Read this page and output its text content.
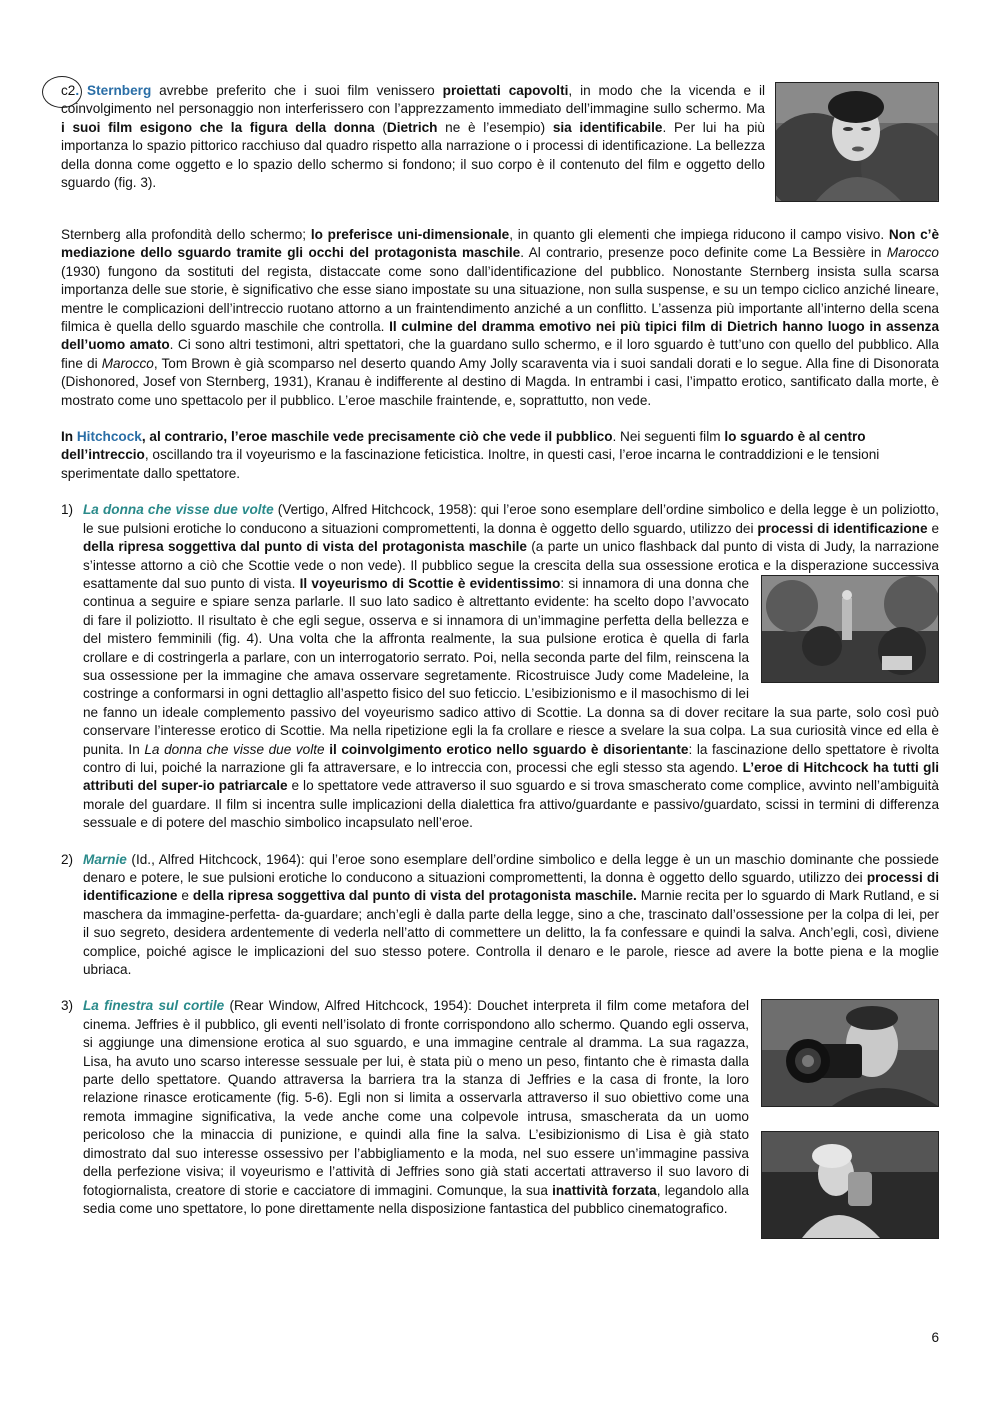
c2. Sternberg avrebbe preferito che i suoi film venissero proiettati capovolti, in modo che la vicenda e il coinvolgimento nel personaggio non interferissero con l’apprezzamento immediato dell’immagine sullo schermo. Ma i suoi film esigono che la figura della donna (Dietrich ne è l’esempio) sia identificabile. Per lui ha più importanza lo spazio pittorico racchiuso dal quadro rispetto alla narrazione o i processi di identificazione. La bellezza della donna come oggetto e lo spazio dello schermo si fondono; il suo corpo è il contenuto del film e oggetto dello sguardo (fig. 3).

Sternberg alla profondità dello schermo; lo preferisce uni-dimensionale, in quanto gli elementi che impiega riducono il campo visivo. Non c’è mediazione dello sguardo tramite gli occhi del protagonista maschile. Al contrario, presenze poco definite come La Bessière in Marocco (1930) fungono da sostituti del regista, distaccate come sono dall’identificazione del pubblico. Nonostante Sternberg insista sulla scarsa importanza delle sue storie, è significativo che esse siano impostate su una situazione, non sulla suspense, e su un tempo ciclico anziché lineare, mentre le complicazioni dell’intreccio ruotano attorno a un fraintendimento anziché a un conflitto. L’assenza più importante all’interno della scena filmica è quella dello sguardo maschile che controlla. Il culmine del dramma emotivo nei più tipici film di Dietrich hanno luogo in assenza dell’uomo amato. Ci sono altri testimoni, altri spettatori, che la guardano sullo schermo, e il loro sguardo è tutt’uno con quello del pubblico. Alla fine di Marocco, Tom Brown è già scomparso nel deserto quando Amy Jolly scaraventa via i suoi sandali dorati e lo segue. Alla fine di Disonorata (Dishonored, Josef von Sternberg, 1931), Kranau è indifferente al destino di Magda. In entrambi i casi, l’impatto erotico, santificato dalla morte, è mostrato come uno spettacolo per il pubblico. L’eroe maschile fraintende, e, soprattutto, non vede.

In Hitchcock, al contrario, l’eroe maschile vede precisamente ciò che vede il pubblico. Nei seguenti film lo sguardo è al centro dell’intreccio, oscillando tra il voyeurismo e la fascinazione feticistica. Inoltre, in questi casi, l’eroe incarna le contraddizioni e le tensioni sperimentate dallo spettatore.

1) La donna che visse due volte (Vertigo, Alfred Hitchcock, 1958): qui l’eroe sono esemplare dell’ordine simbolico e della legge è un poliziotto, le sue pulsioni erotiche lo conducono a situazioni compromettenti, la donna è oggetto dello sguardo, utilizzo dei processi di identificazione e della ripresa soggettiva dal punto di vista del protagonista maschile (a parte un unico flashback dal punto di vista di Judy, la narrazione s’intesse attorno a ciò che Scottie vede o non vede). Il pubblico segue la crescita della sua ossessione erotica e la disperazione successiva esattamente dal suo punto di vista.
Il voyeurismo di Scottie è evidentissimo: si innamora di una donna che continua a seguire e spiare senza parlarle. Il suo lato sadico è altrettanto evidente: ha scelto dopo l’avvocato di fare il poliziotto. Il risultato è che egli segue, osserva e si innamora di un’immagine perfetta della bellezza e del mistero femminili (fig. 4). Una volta che la affronta realmente, la sua pulsione erotica è quella di farla crollare e di costringerla a parlare, con un interrogatorio serrato. Poi, nella seconda parte del film, reinscena la sua ossessione per la immagine che amava osservare segretamente. Ricostruisce Judy come Madeleine, la costringe a conformarsi in ogni dettaglio all’aspetto fisico del suo feticcio. L’esibizionismo e il masochismo di lei ne fanno un ideale complemento passivo del voyeurismo sadico attivo di Scottie. La donna sa di dover recitare la sua parte, solo così può conservare l’interesse erotico di Scottie. Ma nella ripetizione egli la fa crollare e riesce a svelare la sua colpa. La sua curiosità vince ed ella è punita. In La donna che visse due volte il coinvolgimento erotico nello sguardo è disorientante: la fascinazione dello spettatore è rivolta contro di lui, poiché la narrazione gli fa attraversare, e lo intreccia con, processi che egli stesso sta agendo. L’eroe di Hitchcock ha tutti gli attributi del super-io patriarcale e lo spettatore vede attraverso il suo sguardo e si trova smascherato come complice, avvinto nell’ambiguità morale del guardare. Il film si incentra sulle implicazioni della dialettica fra attivo/guardante e passivo/guardato, scissi in termini di differenza sessuale e di potere del maschio simbolico incapsulato nell’eroe.

2) Marnie (Id., Alfred Hitchcock, 1964): qui l’eroe sono esemplare dell’ordine simbolico e della legge è un un maschio dominante che possiede denaro e potere, le sue pulsioni erotiche lo conducono a situazioni compromettenti, la donna è oggetto dello sguardo, utilizzo dei processi di identificazione e della ripresa soggettiva dal punto di vista del protagonista maschile. Marnie recita per lo sguardo di Mark Rutland, e si maschera da immagine-perfetta- da-guardare; anch’egli è dalla parte della legge, sino a che, trascinato dall’ossessione per la colpa di lei, per il suo segreto, desidera ardentemente di vederla nell’atto di commettere un delitto, la fa confessare e quindi la salva. Anch’egli, così, diviene complice, poiché agisce le implicazioni del suo stesso potere. Controlla il denaro e le parole, riesce ad avere la botte piena e la moglie ubriaca.

3) La finestra sul cortile (Rear Window, Alfred Hitchcock, 1954): Douchet interpreta il film come metafora del cinema. Jeffries è il pubblico, gli eventi nell’isolato di fronte corrispondono allo schermo. Quando egli osserva, si aggiunge una dimensione erotica al suo sguardo, e una immagine centrale al dramma. La sua ragazza, Lisa, ha avuto uno scarso interesse sessuale per lui, è stata più o meno un peso, fintanto che è rimasta dalla parte dello spettatore. Quando attraversa la barriera tra la stanza di Jeffries e la casa di fronte, la loro relazione rinasce eroticamente (fig. 5-6). Egli non si limita a osservarla attraverso il suo obiettivo come una remota immagine significativa, la vede anche come una colpevole intrusa, smascherata da un uomo pericoloso che la minaccia di punizione, e quindi alla fine la salva. L’esibizionismo di Lisa è già stato dimostrato dal suo interesse ossessivo per l’abbigliamento e la moda, nel suo essere un’immagine passiva della perfezione visiva; il voyeurismo e l’attività di Jeffries sono già stati accertati attraverso il suo lavoro di fotogiornalista, creatore di storie e cacciatore di immagini. Comunque, la sua inattività forzata, legandolo alla sedia come uno spettatore, lo pone direttamente nella disposizione fantastica del pubblico cinematografico.

6
